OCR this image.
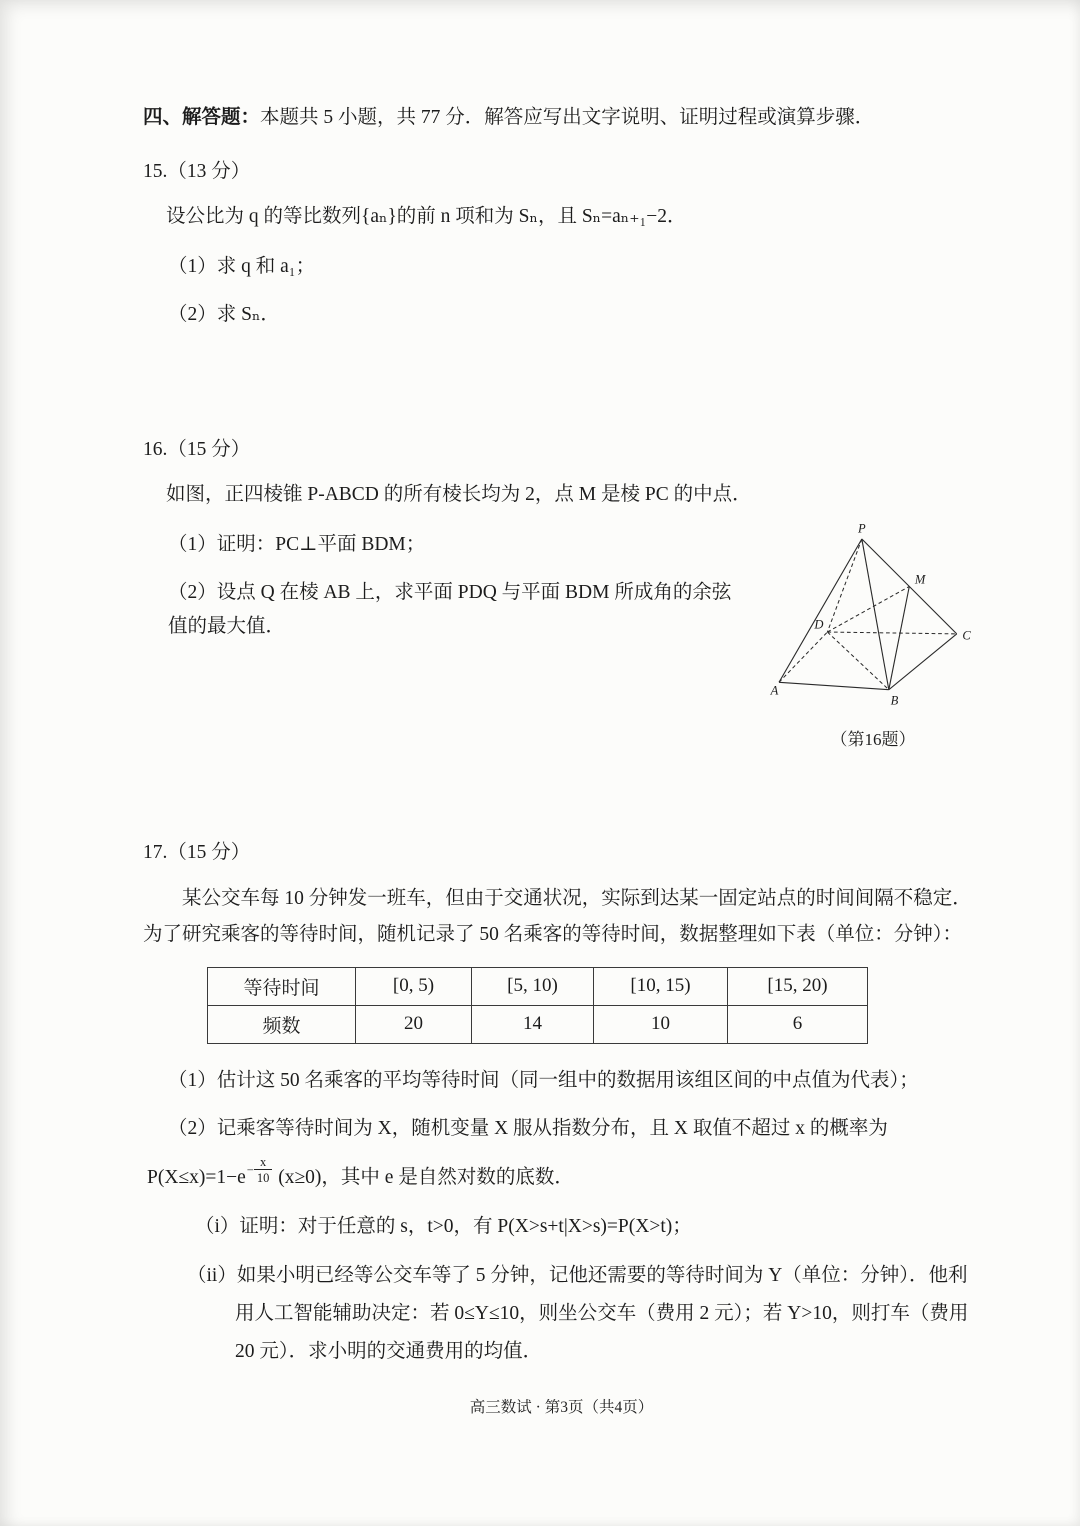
四、解答题：本题共 5 小题，共 77 分．解答应写出文字说明、证明过程或演算步骤．

15.（13 分）

设公比为 q 的等比数列{aₙ}的前 n 项和为 Sₙ，且 Sₙ=aₙ₊₁−2．

（1）求 q 和 a₁；

（2）求 Sₙ．

16.（15 分）

如图，正四棱锥 P-ABCD 的所有棱长均为 2，点 M 是棱 PC 的中点．

P
A
B
C
D
M
（第16题）

（1）证明：PC⊥平面 BDM；

（2）设点 Q 在棱 AB 上，求平面 PDQ 与平面 BDM 所成角的余弦值的最大值．

17.（15 分）

某公交车每 10 分钟发一班车，但由于交通状况，实际到达某一固定站点的时间间隔不稳定．为了研究乘客的等待时间，随机记录了 50 名乘客的等待时间，数据整理如下表（单位：分钟）：

等待时间	[0, 5)	[5, 10)	[10, 15)	[15, 20)
频数	20	14	10	6

（1）估计这 50 名乘客的平均等待时间（同一组中的数据用该组区间的中点值为代表）；

（2）记乘客等待时间为 X，随机变量 X 服从指数分布，且 X 取值不超过 x 的概率为

$P(X\le x)=1-e - \frac{x}{10} (x\ge 0)$，其中 e 是自然对数的底数．

（i）证明：对于任意的 s，t>0，有 P(X>s+t|X>s)=P(X>t)；

（ii）如果小明已经等公交车等了 5 分钟，记他还需要的等待时间为 Y（单位：分钟）．他利用人工智能辅助决定：若 0≤Y≤10，则坐公交车（费用 2 元）；若 Y>10，则打车（费用 20 元）．求小明的交通费用的均值．

高三数试 · 第3页（共4页）
